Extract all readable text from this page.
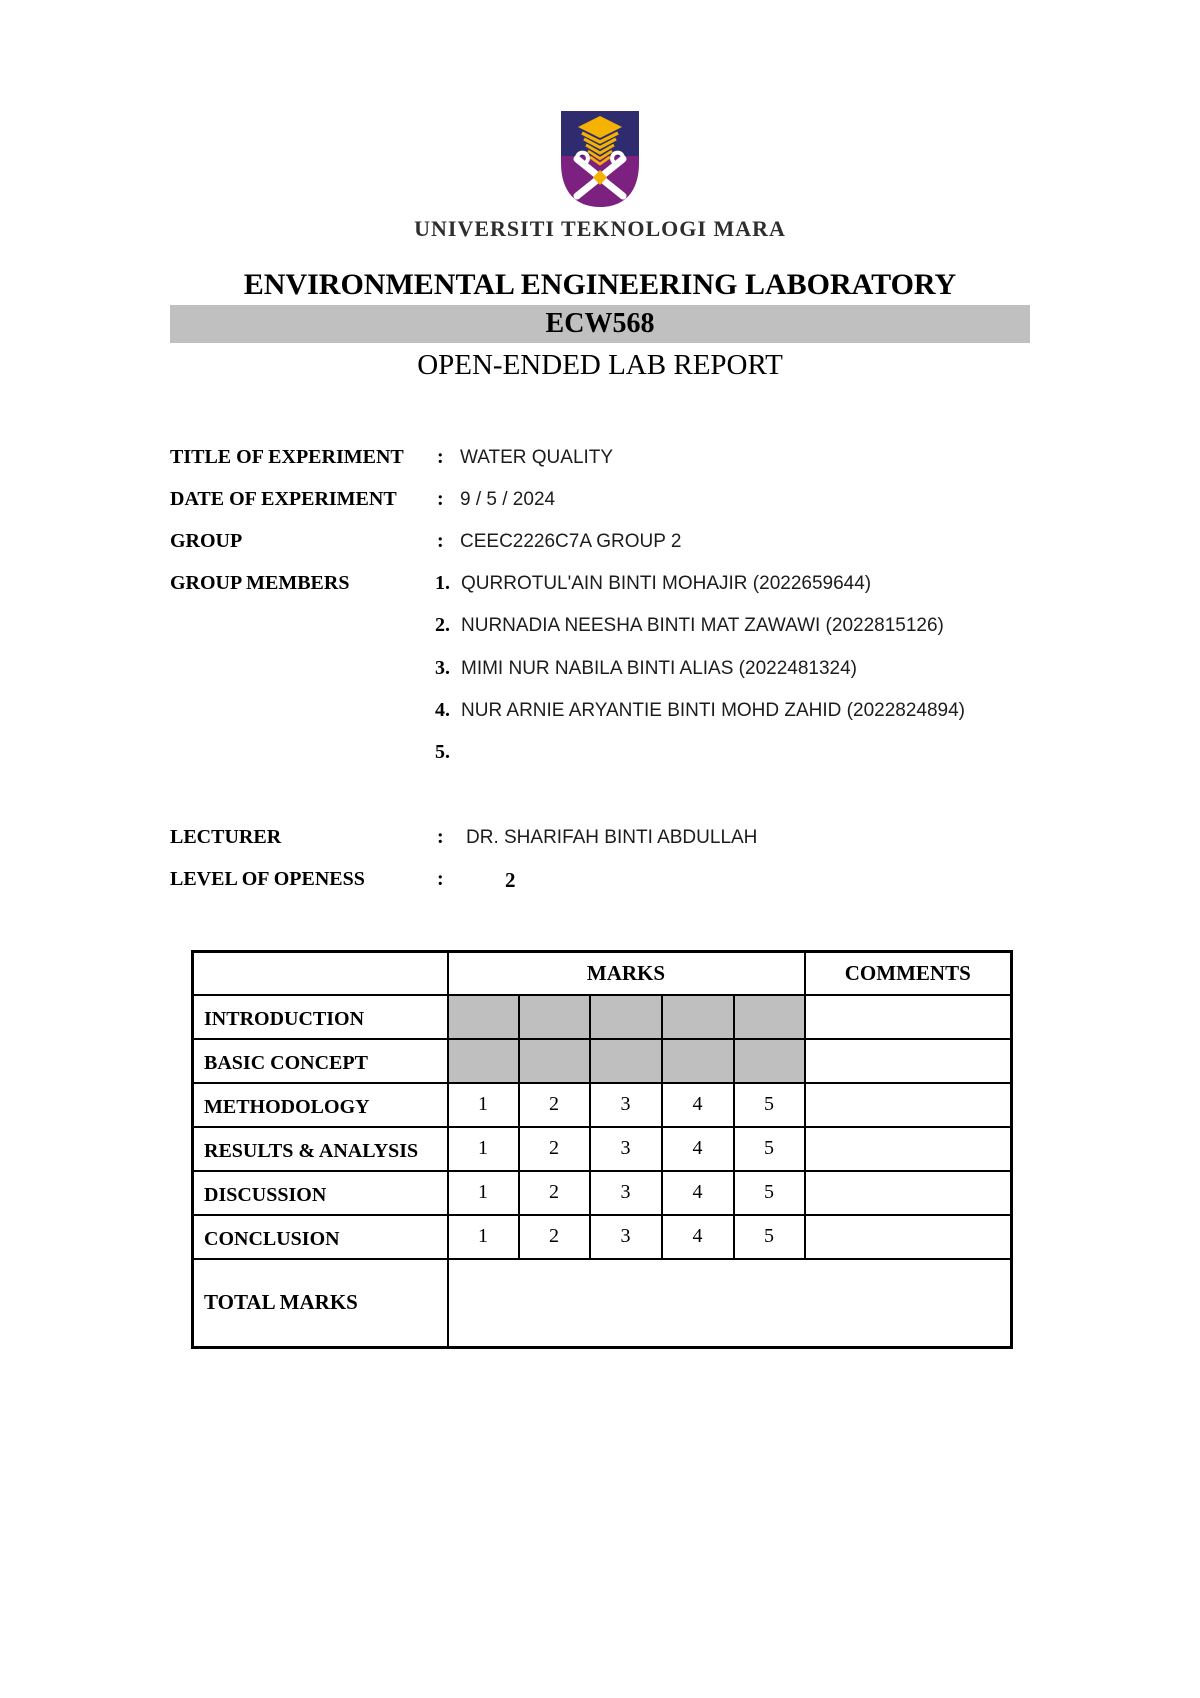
UNIVERSITI TEKNOLOGI MARA
ENVIRONMENTAL ENGINEERING LABORATORY
ECW568
OPEN-ENDED LAB REPORT
TITLE OF EXPERIMENT : WATER QUALITY
DATE OF EXPERIMENT : 9 / 5 / 2024
GROUP	: CEEC2226C7A GROUP 2
GROUP MEMBERS	1. QURROTUL'AIN BINTI MOHAJIR (2022659644)
2. NURNADIA NEESHA BINTI MAT ZAWAWI (2022815126)
3. MIMI NUR NABILA BINTI ALIAS (2022481324)
4. NUR ARNIE ARYANTIE BINTI MOHD ZAHID (2022824894)
5.
LECTURER	: DR. SHARIFAH BINTI ABDULLAH
LEVEL OF OPENESS	:	2
	MARKS					COMMENTS
INTRODUCTION						
BASIC CONCEPT						
METHODOLOGY	1	2	3	4	5	
RESULTS & ANALYSIS	1	2	3	4	5	
DISCUSSION	1	2	3	4	5	
CONCLUSION	1	2	3	4	5	
TOTAL MARKS						
